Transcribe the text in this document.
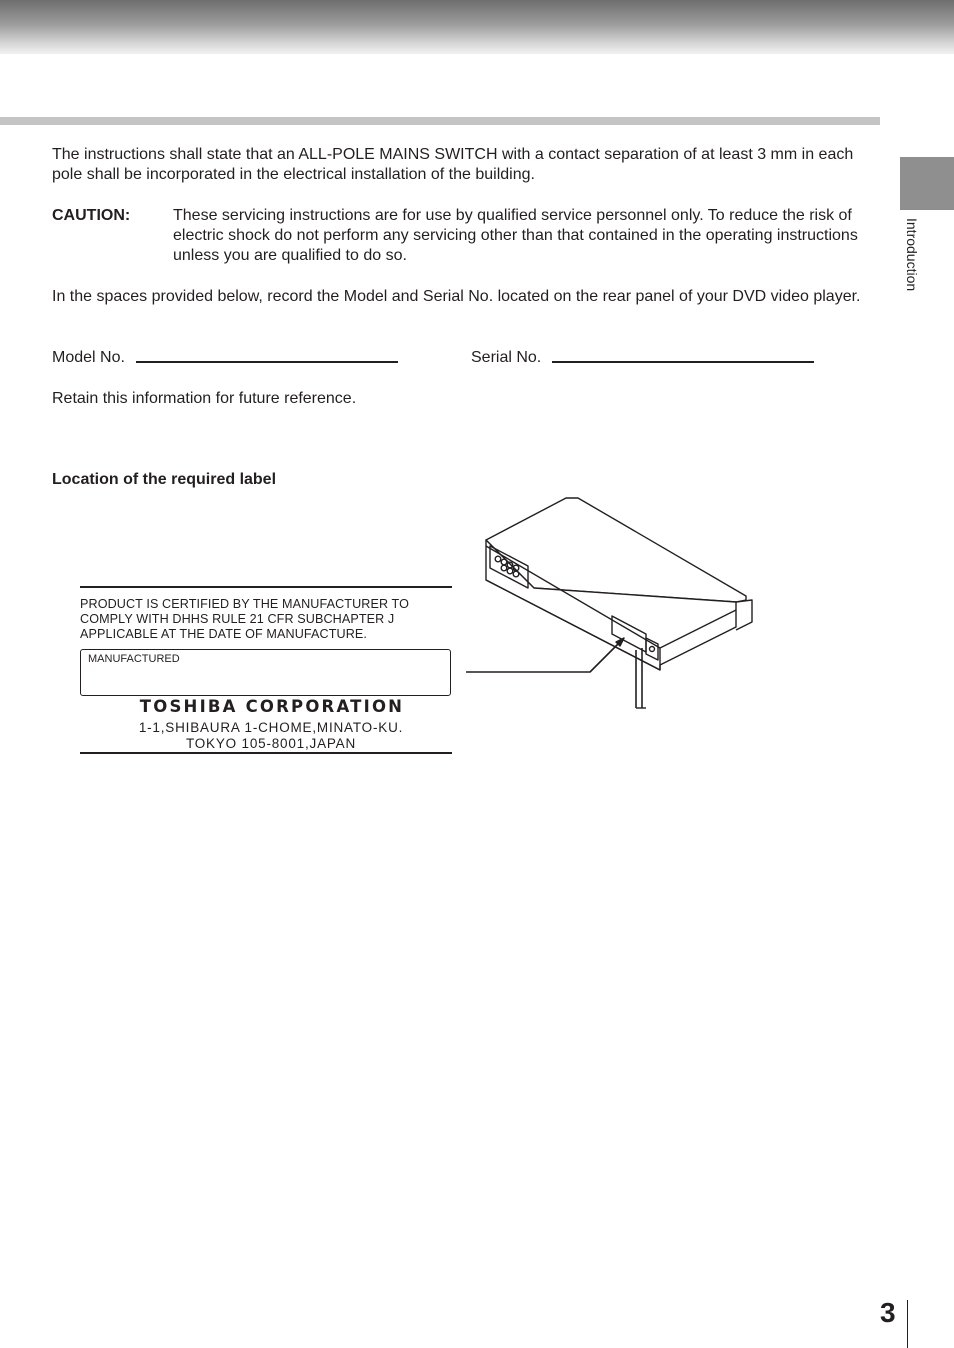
Introduction

The instructions shall state that an ALL-POLE MAINS SWITCH with a contact separation of at least 3 mm in each pole shall be incorporated in the electrical installation of the building.

CAUTION:	These servicing instructions are for use by qualified service personnel only. To reduce the risk of electric shock do not perform any servicing other than that contained in the operating instructions unless you are qualified to do so.

In the spaces provided below, record the Model and Serial No. located on the rear panel of your DVD video player.

Model No.	Serial No.

Retain this information for future reference.

Location of the required label

PRODUCT IS CERTIFIED BY THE MANUFACTURER TO COMPLY WITH DHHS RULE 21 CFR SUBCHAPTER J APPLICABLE AT THE DATE OF MANUFACTURE.

MANUFACTURED
TOSHIBA CORPORATION
1-1,SHIBAURA 1-CHOME,MINATO-KU.
TOKYO 105-8001,JAPAN
3
